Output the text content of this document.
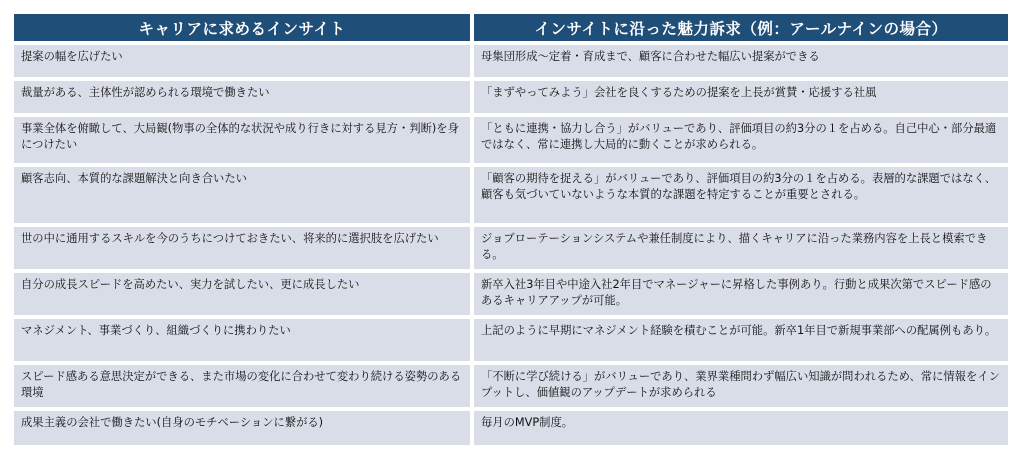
キャリアに求めるインサイト	インサイトに沿った魅力訴求（例：アールナインの場合）
提案の幅を広げたい	母集団形成～定着・育成まで、顧客に合わせた幅広い提案ができる
裁量がある、主体性が認められる環境で働きたい	「まずやってみよう」会社を良くするための提案を上長が賞賛・応援する社風
事業全体を俯瞰して、大局観(物事の全体的な状況や成り行きに対する見方・判断)を身につけたい	「ともに連携・協力し合う」がバリューであり、評価項目の約3分の１を占める。自己中心・部分最適ではなく、常に連携し大局的に動くことが求められる。
顧客志向、本質的な課題解決と向き合いたい	「顧客の期待を捉える」がバリューであり、評価項目の約3分の１を占める。表層的な課題ではなく、顧客も気づいていないような本質的な課題を特定することが重要とされる。
世の中に通用するスキルを今のうちにつけておきたい、将来的に選択肢を広げたい	ジョブローテーションシステムや兼任制度により、描くキャリアに沿った業務内容を上長と模索できる。
自分の成長スピードを高めたい、実力を試したい、更に成長したい	新卒入社3年目や中途入社2年目でマネージャーに昇格した事例あり。行動と成果次第でスピード感のあるキャリアアップが可能。
マネジメント、事業づくり、組織づくりに携わりたい	上記のように早期にマネジメント経験を積むことが可能。新卒1年目で新規事業部への配属例もあり。
スピード感ある意思決定ができる、また市場の変化に合わせて変わり続ける姿勢のある環境	「不断に学び続ける」がバリューであり、業界業種問わず幅広い知識が問われるため、常に情報をインプットし、価値観のアップデートが求められる
成果主義の会社で働きたい(自身のモチベーションに繋がる)	毎月のMVP制度。
